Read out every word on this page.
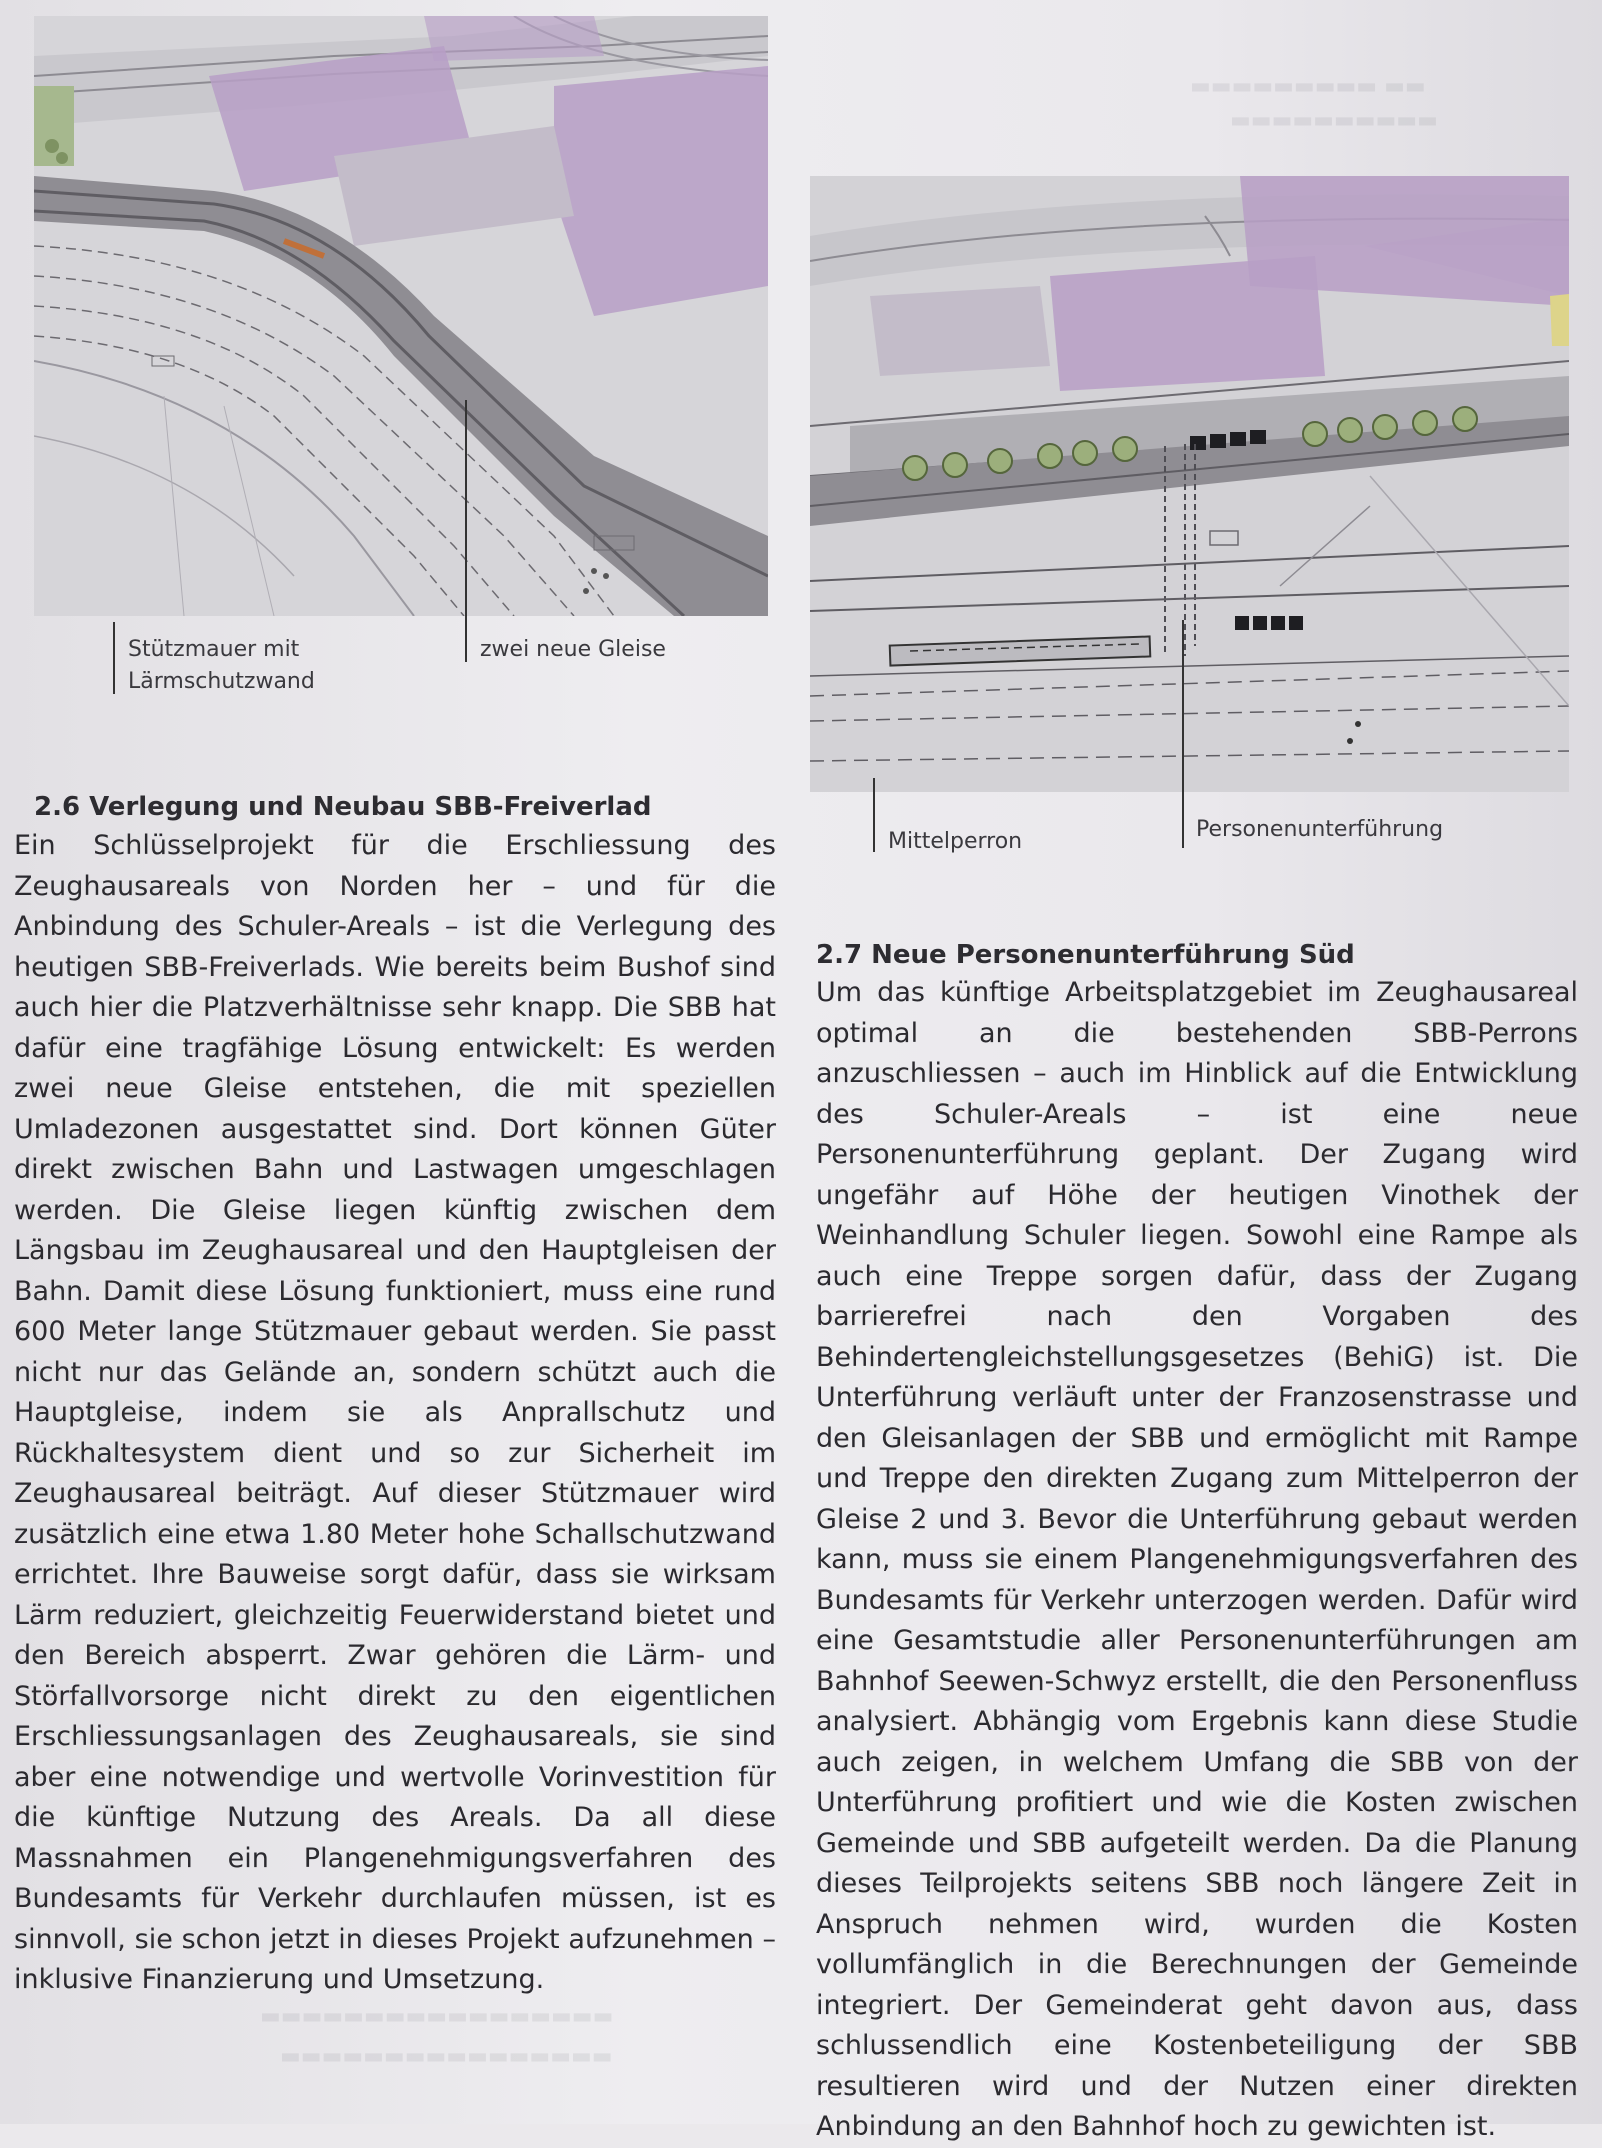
▬▬▬▬▬▬▬▬▬ ▬▬
▬▬▬▬▬▬▬▬▬▬
▬▬▬▬▬▬▬▬▬▬▬▬▬▬▬▬▬
▬▬▬▬▬▬▬▬▬▬▬▬▬▬▬▬
Stützmauer mit
Lärmschutzwand
zwei neue Gleise
Mittelperron	Personenunterführung
2.6 Verlegung und Neubau SBB-Freiverlad

Ein Schlüsselprojekt für die Erschliessung des Zeughausareals von Norden her – und für die Anbindung des Schuler-Areals – ist die Verlegung des heutigen SBB-Freiverlads. Wie bereits beim Bushof sind auch hier die Platzverhältnisse sehr knapp. Die SBB hat dafür eine tragfähige Lösung entwickelt: Es werden zwei neue Gleise entstehen, die mit speziellen Umladezonen ausgestattet sind. Dort können Güter direkt zwischen Bahn und Lastwagen umgeschlagen werden. Die Gleise liegen künftig zwischen dem Längsbau im Zeughausareal und den Hauptgleisen der Bahn. Damit diese Lösung funktioniert, muss eine rund 600 Meter lange Stützmauer gebaut werden. Sie passt nicht nur das Gelände an, sondern schützt auch die Hauptgleise, indem sie als Anprallschutz und Rückhaltesystem dient und so zur Sicherheit im Zeughausareal beiträgt. Auf dieser Stützmauer wird zusätzlich eine etwa 1.80 Meter hohe Schallschutzwand errichtet. Ihre Bauweise sorgt dafür, dass sie wirksam Lärm reduziert, gleichzeitig Feuerwiderstand bietet und den Bereich absperrt. Zwar gehören die Lärm- und Störfallvorsorge nicht direkt zu den eigentlichen Erschliessungsanlagen des Zeughausareals, sie sind aber eine notwendige und wertvolle Vorinvestition für die künftige Nutzung des Areals. Da all diese Massnahmen ein Plangenehmigungsverfahren des Bundesamts für Verkehr durchlaufen müssen, ist es sinnvoll, sie schon jetzt in dieses Projekt aufzunehmen – inklusive Finanzierung und Umsetzung.

2.7 Neue Personenunterführung Süd

Um das künftige Arbeitsplatzgebiet im Zeughausareal optimal an die bestehenden SBB-Perrons anzuschliessen – auch im Hinblick auf die Entwicklung des Schuler-Areals – ist eine neue Personenunterführung geplant. Der Zugang wird ungefähr auf Höhe der heutigen Vinothek der Weinhandlung Schuler liegen. Sowohl eine Rampe als auch eine Treppe sorgen dafür, dass der Zugang barrierefrei nach den Vorgaben des Behindertengleichstellungsgesetzes (BehiG) ist. Die Unterführung verläuft unter der Franzosenstrasse und den Gleisanlagen der SBB und ermöglicht mit Rampe und Treppe den direkten Zugang zum Mittelperron der Gleise 2 und 3. Bevor die Unterführung gebaut werden kann, muss sie einem Plangenehmigungsverfahren des Bundesamts für Verkehr unterzogen werden. Dafür wird eine Gesamtstudie aller Personenunterführungen am Bahnhof Seewen-Schwyz erstellt, die den Personenfluss analysiert. Abhängig vom Ergebnis kann diese Studie auch zeigen, in welchem Umfang die SBB von der Unterführung profitiert und wie die Kosten zwischen Gemeinde und SBB aufgeteilt werden. Da die Planung dieses Teilprojekts seitens SBB noch längere Zeit in Anspruch nehmen wird, wurden die Kosten vollumfänglich in die Berechnungen der Gemeinde integriert. Der Gemeinderat geht davon aus, dass schlussendlich eine Kostenbeteiligung der SBB resultieren wird und der Nutzen einer direkten Anbindung an den Bahnhof hoch zu gewichten ist.
